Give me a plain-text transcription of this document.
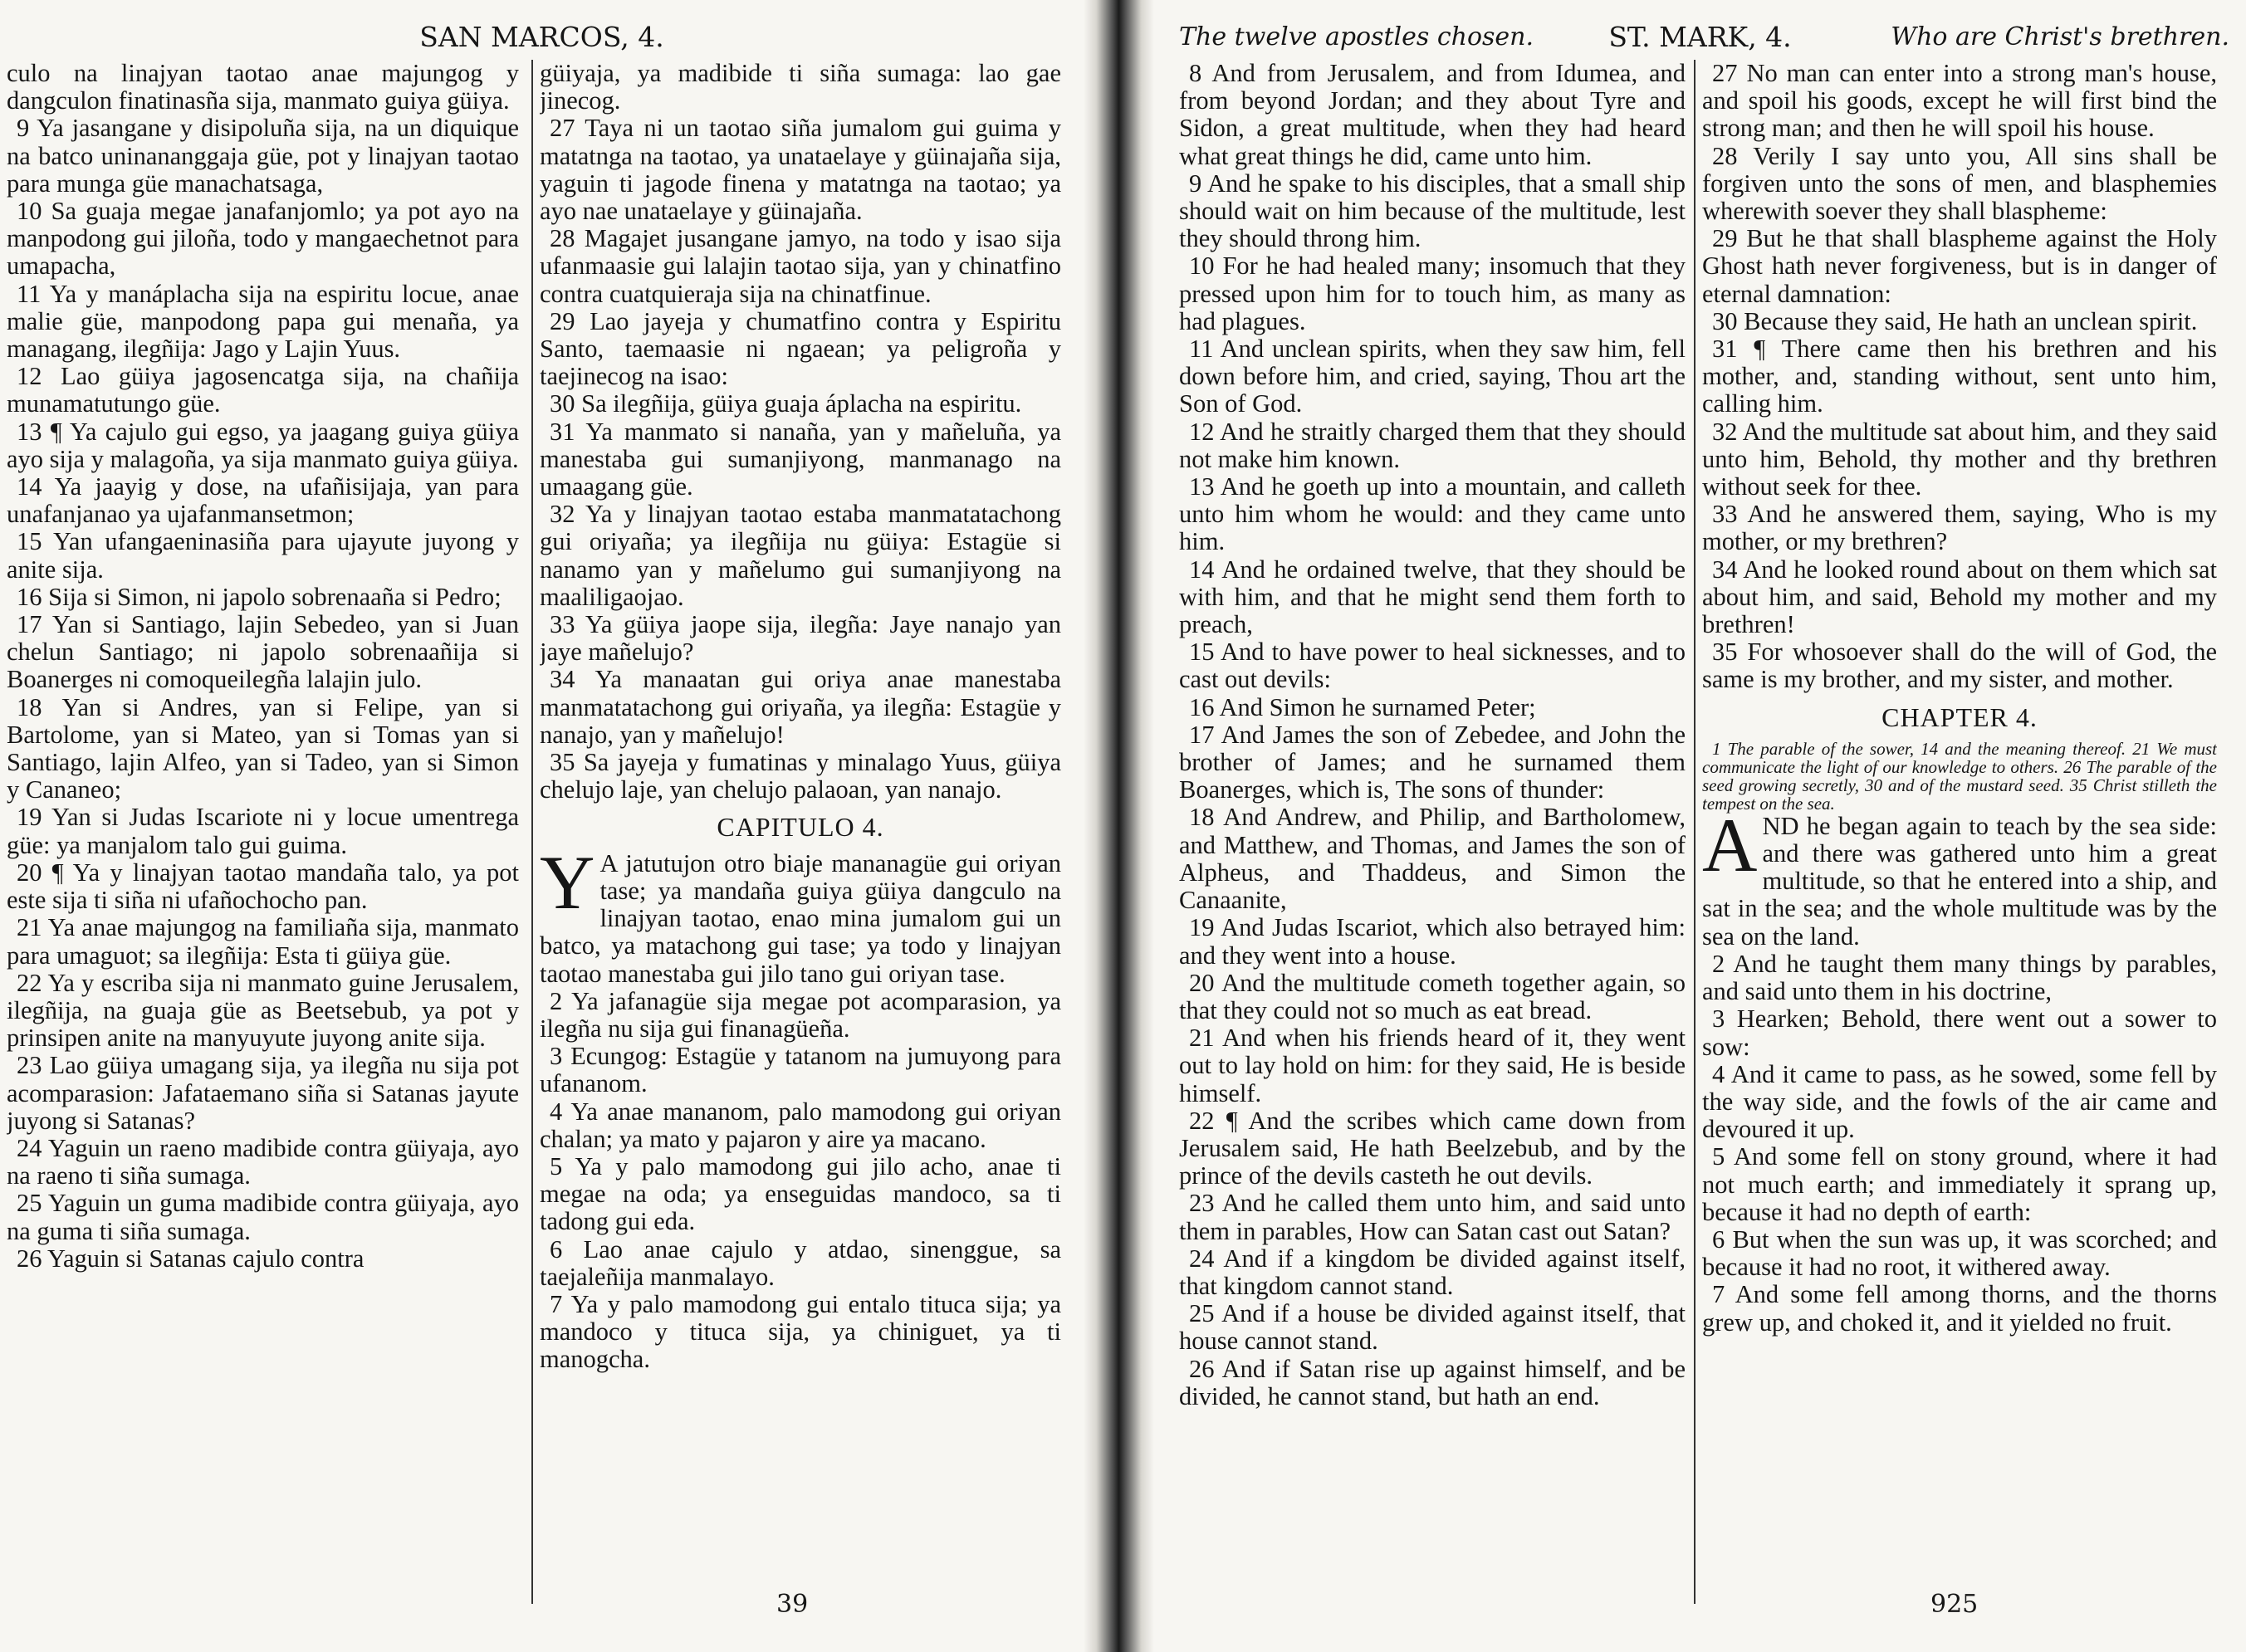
SAN MARCOS, 4.

culo na linajyan taotao anae majungog y dangculon finatinasña sija, manmato guiya güiya.

9 Ya jasangane y disipoluña sija, na un diquique na batco uninananggaja güe, pot y linajyan taotao para munga güe manachatsaga,

10 Sa guaja megae janafanjomlo; ya pot ayo na manpodong gui jiloña, todo y mangaechetnot para umapacha,

11 Ya y manáplacha sija na espiritu locue, anae malie güe, manpodong papa gui menaña, ya managang, ilegñija: Jago y Lajin Yuus.

12 Lao güiya jagosencatga sija, na chañija munamatutungo güe.

13 ¶ Ya cajulo gui egso, ya jaagang guiya güiya ayo sija y malagoña, ya sija manmato guiya güiya.

14 Ya jaayig y dose, na ufañisijaja, yan para unafanjanao ya ujafanmansetmon;

15 Yan ufangaeninasiña para ujayute juyong y anite sija.

16 Sija si Simon, ni japolo sobrenaaña si Pedro;

17 Yan si Santiago, lajin Sebedeo, yan si Juan chelun Santiago; ni japolo sobrenaañija si Boanerges ni comoqueilegña lalajin julo.

18 Yan si Andres, yan si Felipe, yan si Bartolome, yan si Mateo, yan si Tomas yan si Santiago, lajin Alfeo, yan si Tadeo, yan si Simon y Cananeo;

19 Yan si Judas Iscariote ni y locue umentrega güe: ya manjalom talo gui guima.

20 ¶ Ya y linajyan taotao mandaña talo, ya pot este sija ti siña ni ufañochocho pan.

21 Ya anae majungog na familiaña sija, manmato para umaguot; sa ilegñija: Esta ti güiya güe.

22 Ya y escriba sija ni manmato guine Jerusalem, ilegñija, na guaja güe as Beetsebub, ya pot y prinsipen anite na manyuyute juyong anite sija.

23 Lao güiya umagang sija, ya ilegña nu sija pot acomparasion: Jafataemano siña si Satanas jayute juyong si Satanas?

24 Yaguin un raeno madibide contra güiyaja, ayo na raeno ti siña sumaga.

25 Yaguin un guma madibide contra güiyaja, ayo na guma ti siña sumaga.

26 Yaguin si Satanas cajulo contra

güiyaja, ya madibide ti siña sumaga: lao gae jinecog.

27 Taya ni un taotao siña jumalom gui guima y matatnga na taotao, ya unataelaye y güinajaña sija, yaguin ti jagode finena y matatnga na taotao; ya ayo nae unataelaye y güinajaña.

28 Magajet jusangane jamyo, na todo y isao sija ufanmaasie gui lalajin taotao sija, yan y chinatfino contra cuatquieraja sija na chinatfinue.

29 Lao jayeja y chumatfino contra y Espiritu Santo, taemaasie ni ngaean; ya peligroña y taejinecog na isao:

30 Sa ilegñija, güiya guaja áplacha na espiritu.

31 Ya manmato si nanaña, yan y mañeluña, ya manestaba gui sumanjiyong, manmanago na umaagang güe.

32 Ya y linajyan taotao estaba manmatatachong gui oriyaña; ya ilegñija nu güiya: Estagüe si nanamo yan y mañelumo gui sumanjiyong na maaliligaojao.

33 Ya güiya jaope sija, ilegña: Jaye nanajo yan jaye mañelujo?

34 Ya manaatan gui oriya anae manestaba manmatatachong gui oriyaña, ya ilegña: Estagüe y nanajo, yan y mañelujo!

35 Sa jayeja y fumatinas y minalago Yuus, güiya chelujo laje, yan chelujo palaoan, yan nanajo.

CAPITULO 4.

Y A jatutujon otro biaje mananagüe gui oriyan tase; ya mandaña guiya güiya dangculo na linajyan taotao, enao mina jumalom gui un batco, ya matachong gui tase; ya todo y linajyan taotao manestaba gui jilo tano gui oriyan tase.

2 Ya jafanagüe sija megae pot acomparasion, ya ilegña nu sija gui finanagüeña.

3 Ecungog: Estagüe y tatanom na jumuyong para ufananom.

4 Ya anae mananom, palo mamodong gui oriyan chalan; ya mato y pajaron y aire ya macano.

5 Ya y palo mamodong gui jilo acho, anae ti megae na oda; ya enseguidas mandoco, sa ti tadong gui eda.

6 Lao anae cajulo y atdao, sinenggue, sa taejaleñija manmalayo.

7 Ya y palo mamodong gui entalo tituca sija; ya mandoco y tituca sija, ya chiniguet, ya ti manogcha.

39
The twelve apostles chosen.	ST. MARK, 4.	Who are Christ's brethren.

8 And from Jerusalem, and from Idumea, and from beyond Jordan; and they about Tyre and Sidon, a great multitude, when they had heard what great things he did, came unto him.

9 And he spake to his disciples, that a small ship should wait on him because of the multitude, lest they should throng him.

10 For he had healed many; insomuch that they pressed upon him for to touch him, as many as had plagues.

11 And unclean spirits, when they saw him, fell down before him, and cried, saying, Thou art the Son of God.

12 And he straitly charged them that they should not make him known.

13 And he goeth up into a mountain, and calleth unto him whom he would: and they came unto him.

14 And he ordained twelve, that they should be with him, and that he might send them forth to preach,

15 And to have power to heal sicknesses, and to cast out devils:

16 And Simon he surnamed Peter;

17 And James the son of Zebedee, and John the brother of James; and he surnamed them Boanerges, which is, The sons of thunder:

18 And Andrew, and Philip, and Bartholomew, and Matthew, and Thomas, and James the son of Alpheus, and Thaddeus, and Simon the Canaanite,

19 And Judas Iscariot, which also betrayed him: and they went into a house.

20 And the multitude cometh together again, so that they could not so much as eat bread.

21 And when his friends heard of it, they went out to lay hold on him: for they said, He is beside himself.

22 ¶ And the scribes which came down from Jerusalem said, He hath Beelzebub, and by the prince of the devils casteth he out devils.

23 And he called them unto him, and said unto them in parables, How can Satan cast out Satan?

24 And if a kingdom be divided against itself, that kingdom cannot stand.

25 And if a house be divided against itself, that house cannot stand.

26 And if Satan rise up against himself, and be divided, he cannot stand, but hath an end.

27 No man can enter into a strong man's house, and spoil his goods, except he will first bind the strong man; and then he will spoil his house.

28 Verily I say unto you, All sins shall be forgiven unto the sons of men, and blasphemies wherewith soever they shall blaspheme:

29 But he that shall blaspheme against the Holy Ghost hath never forgiveness, but is in danger of eternal damnation:

30 Because they said, He hath an unclean spirit.

31 ¶ There came then his brethren and his mother, and, standing without, sent unto him, calling him.

32 And the multitude sat about him, and they said unto him, Behold, thy mother and thy brethren without seek for thee.

33 And he answered them, saying, Who is my mother, or my brethren?

34 And he looked round about on them which sat about him, and said, Behold my mother and my brethren!

35 For whosoever shall do the will of God, the same is my brother, and my sister, and mother.

CHAPTER 4.

1 The parable of the sower, 14 and the meaning thereof. 21 We must communicate the light of our knowledge to others. 26 The parable of the seed growing secretly, 30 and of the mustard seed. 35 Christ stilleth the tempest on the sea.

AND he began again to teach by the sea side: and there was gathered unto him a great multitude, so that he entered into a ship, and sat in the sea; and the whole multitude was by the sea on the land.

2 And he taught them many things by parables, and said unto them in his doctrine,

3 Hearken; Behold, there went out a sower to sow:

4 And it came to pass, as he sowed, some fell by the way side, and the fowls of the air came and devoured it up.

5 And some fell on stony ground, where it had not much earth; and immediately it sprang up, because it had no depth of earth:

6 But when the sun was up, it was scorched; and because it had no root, it withered away.

7 And some fell among thorns, and the thorns grew up, and choked it, and it yielded no fruit.

925
